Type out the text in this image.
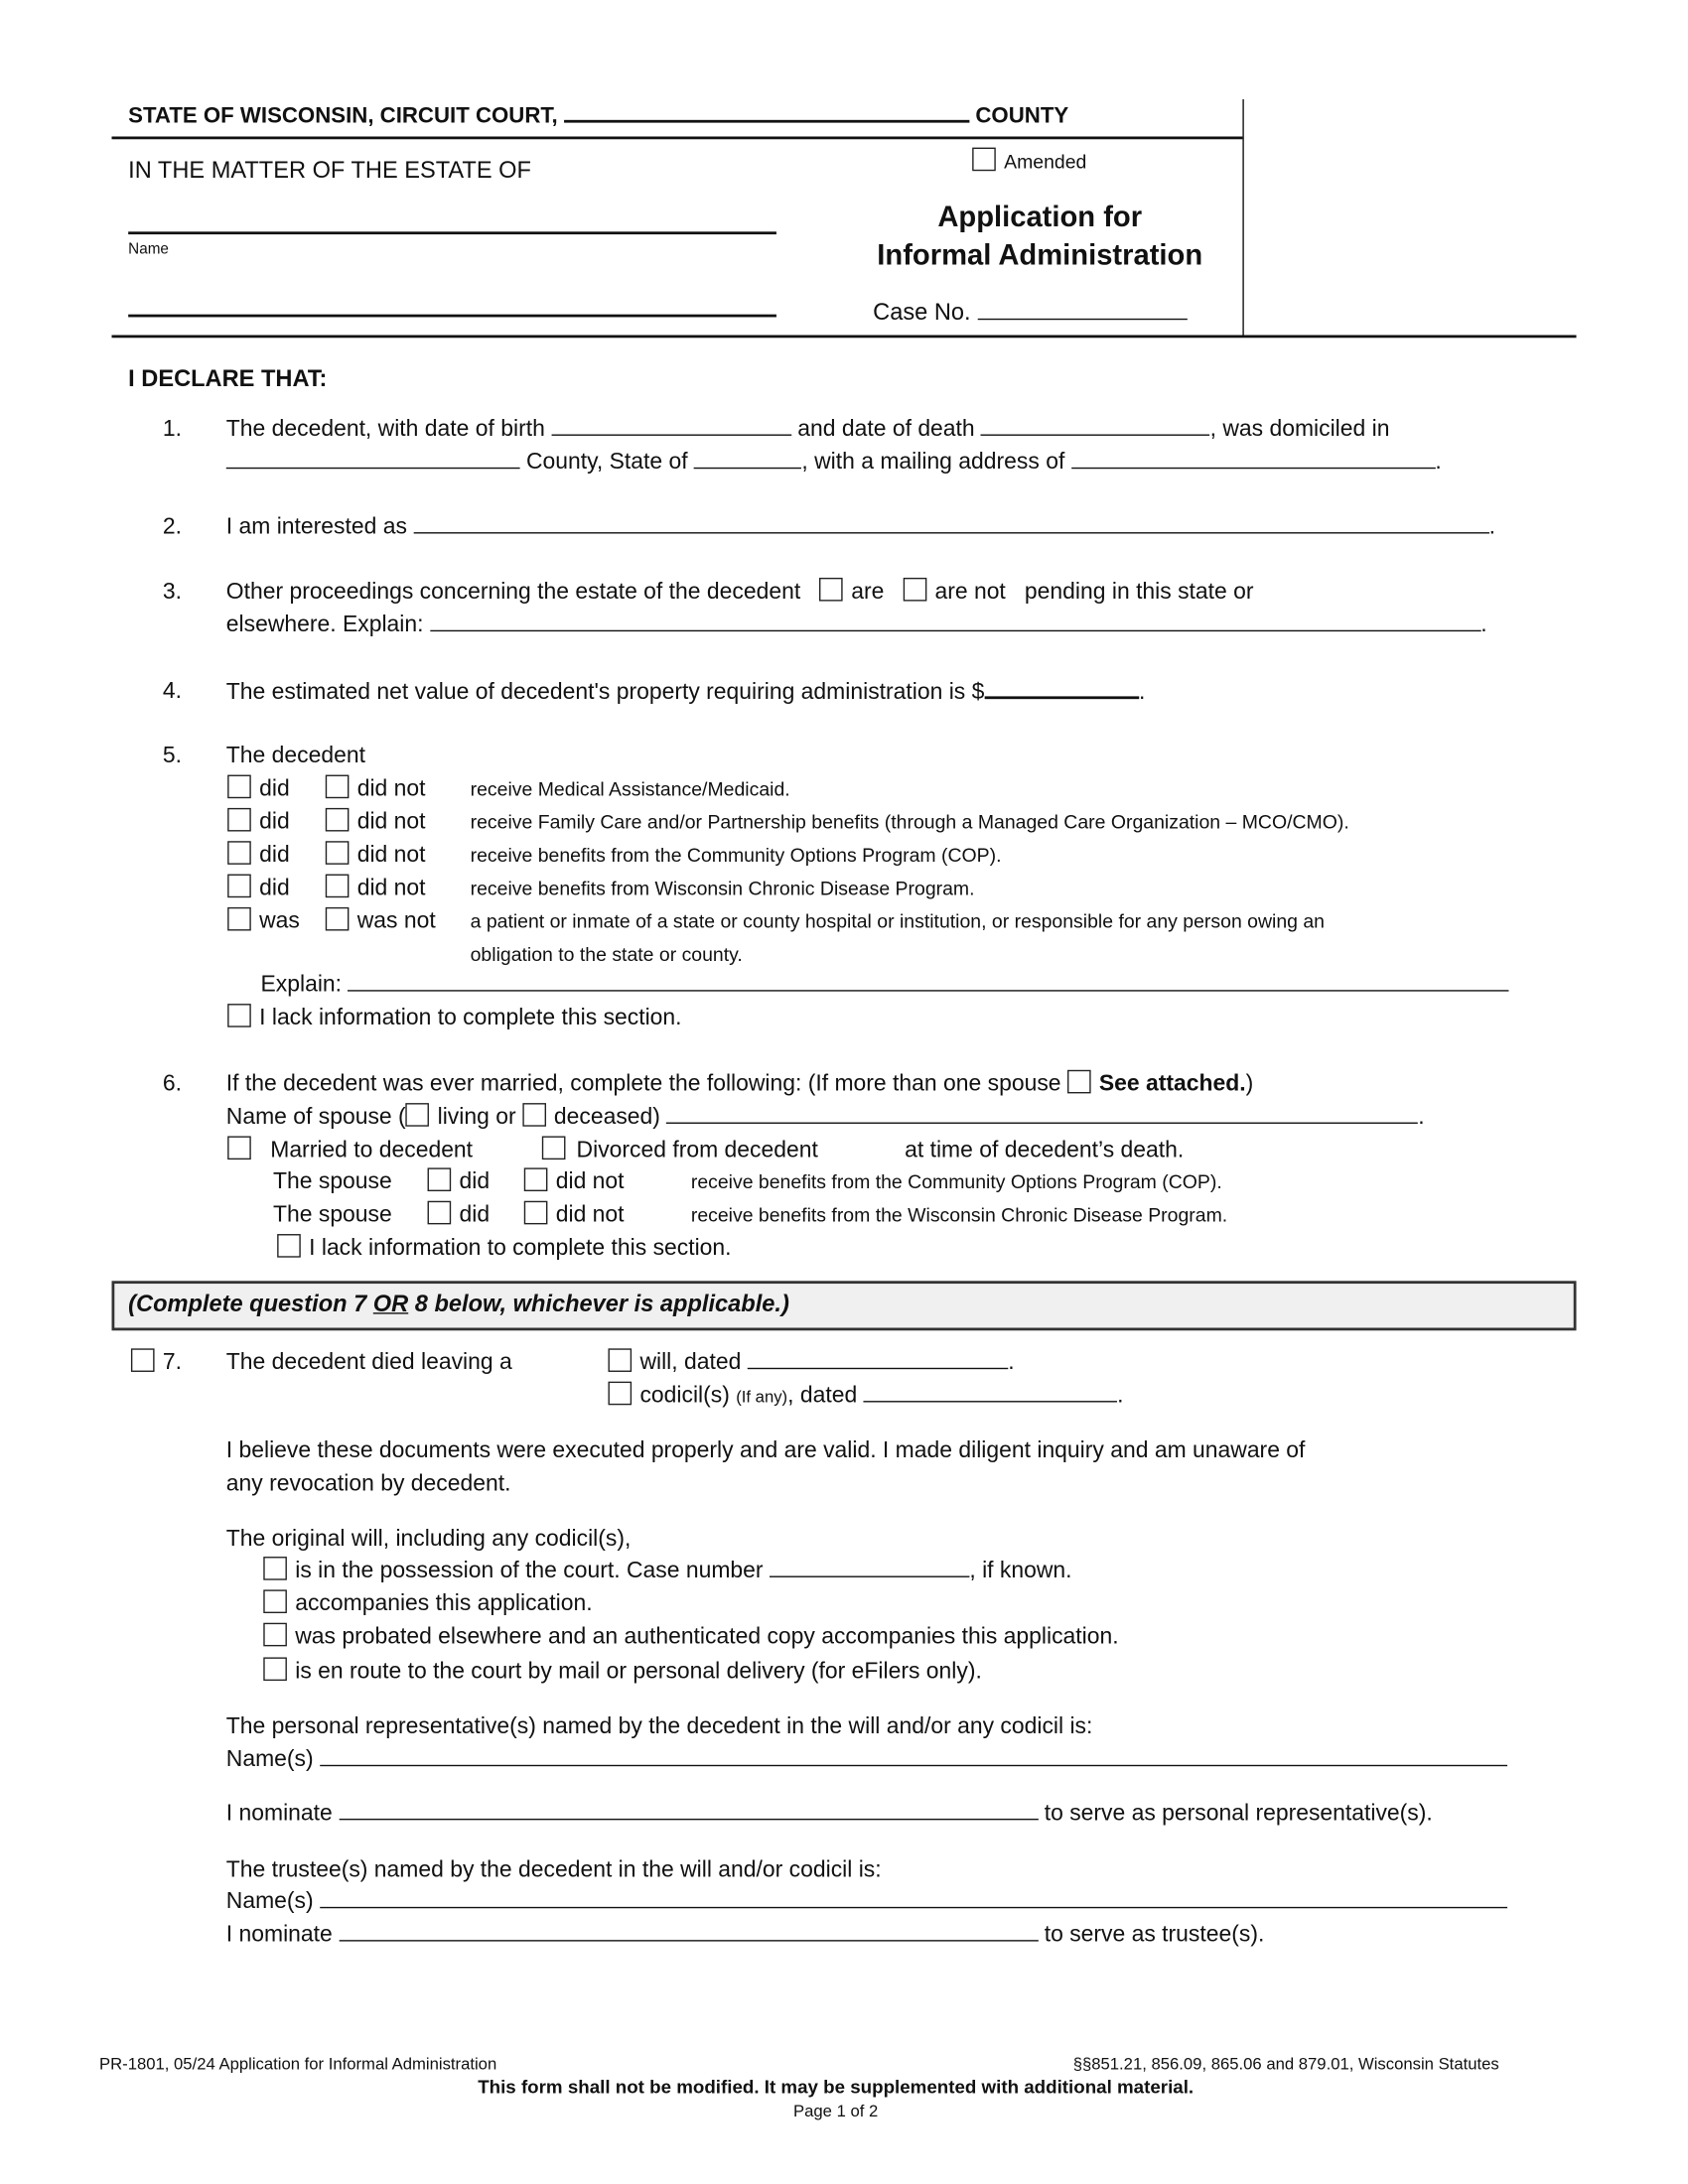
STATE OF WISCONSIN, CIRCUIT COURT,	COUNTY
IN THE MATTER OF THE ESTATE OF
Name
Amended
Application for
Informal Administration
Case No.
I DECLARE THAT:
1.	The decedent, with date of birth	and date of death	, was domiciled in
County, State of	, with a mailing address of	.
2.	I am interested as	.
3.	Other proceedings concerning the estate of the decedent	are	are not pending in this state or
elsewhere. Explain:	.
4.	The estimated net value of decedent's property requiring administration is $	.
5.	The decedent
obligation to the state or county.
Explain:
I lack information to complete this section.
6.	If the decedent was ever married, complete the following: (If more than one spouse See attached.)
Name of spouse ( living or deceased)	.
Married to decedent	Divorced from decedent	at time of decedent’s death.
The spouse	did	did not	receive benefits from the Community Options Program (COP).
The spouse	did	did not	receive benefits from the Wisconsin Chronic Disease Program.
I lack information to complete this section.
(Complete question 7 OR 8 below, whichever is applicable.)
7.	The decedent died leaving a	will, dated	.
codicil(s) (If any), dated	.
I believe these documents were executed properly and are valid. I made diligent inquiry and am unaware of
any revocation by decedent.
The original will, including any codicil(s),
is in the possession of the court. Case number	, if known.
accompanies this application.
was probated elsewhere and an authenticated copy accompanies this application.
is en route to the court by mail or personal delivery (for eFilers only).
The personal representative(s) named by the decedent in the will and/or any codicil is:
Name(s)
I nominate	to serve as personal representative(s).
The trustee(s) named by the decedent in the will and/or codicil is:
Name(s)
I nominate	to serve as trustee(s).
PR-1801, 05/24 Application for Informal Administration	§§851.21, 856.09, 865.06 and 879.01, Wisconsin Statutes
This form shall not be modified. It may be supplemented with additional material.
Page 1 of 2
did	did not	receive Medical Assistance/Medicaid.
did	did not	receive Family Care and/or Partnership benefits (through a Managed Care Organization – MCO/CMO).
did	did not	receive benefits from the Community Options Program (COP).
did	did not	receive benefits from Wisconsin Chronic Disease Program.
was	was not a patient or inmate of a state or county hospital or institution, or responsible for any person owing an
